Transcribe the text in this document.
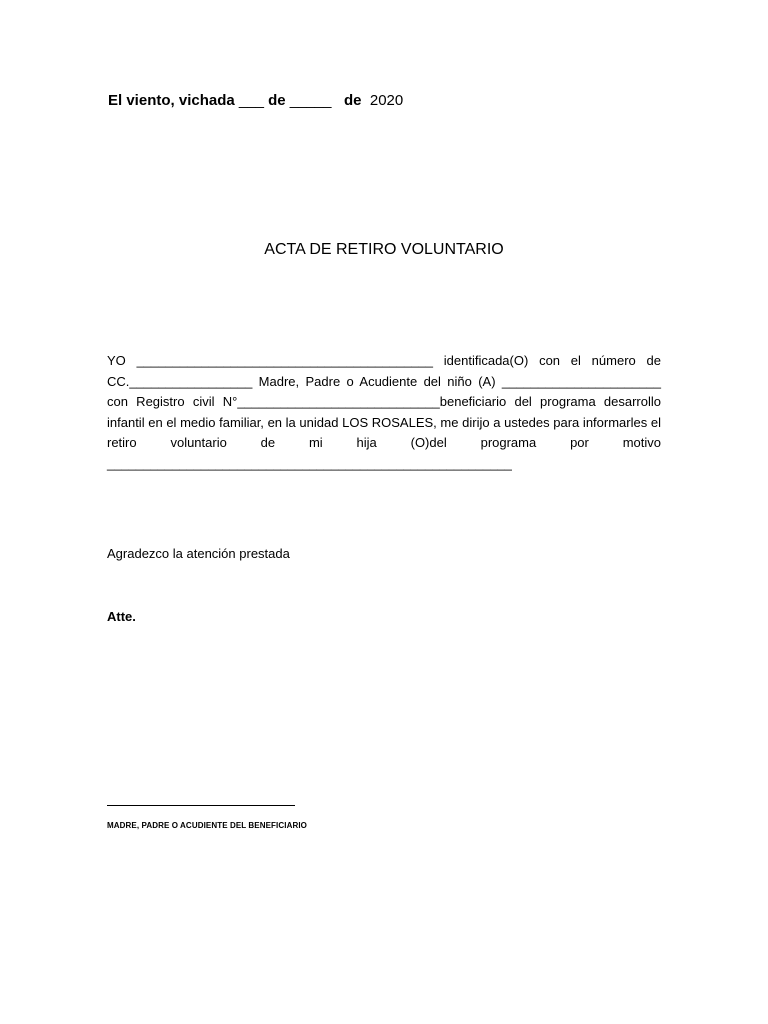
El viento, vichada ___ de _____ de 2020
ACTA DE RETIRO VOLUNTARIO
YO _________________________________________ identificada(O) con el número de CC._________________ Madre, Padre o Acudiente del niño (A) ______________________ con Registro civil N°____________________________beneficiario del programa desarrollo infantil en el medio familiar, en la unidad LOS ROSALES, me dirijo a ustedes para informarles el retiro voluntario de mi hija (O)del programa por motivo ________________________________________________________
Agradezco la atención prestada
Atte.
MADRE, PADRE O ACUDIENTE DEL BENEFICIARIO
